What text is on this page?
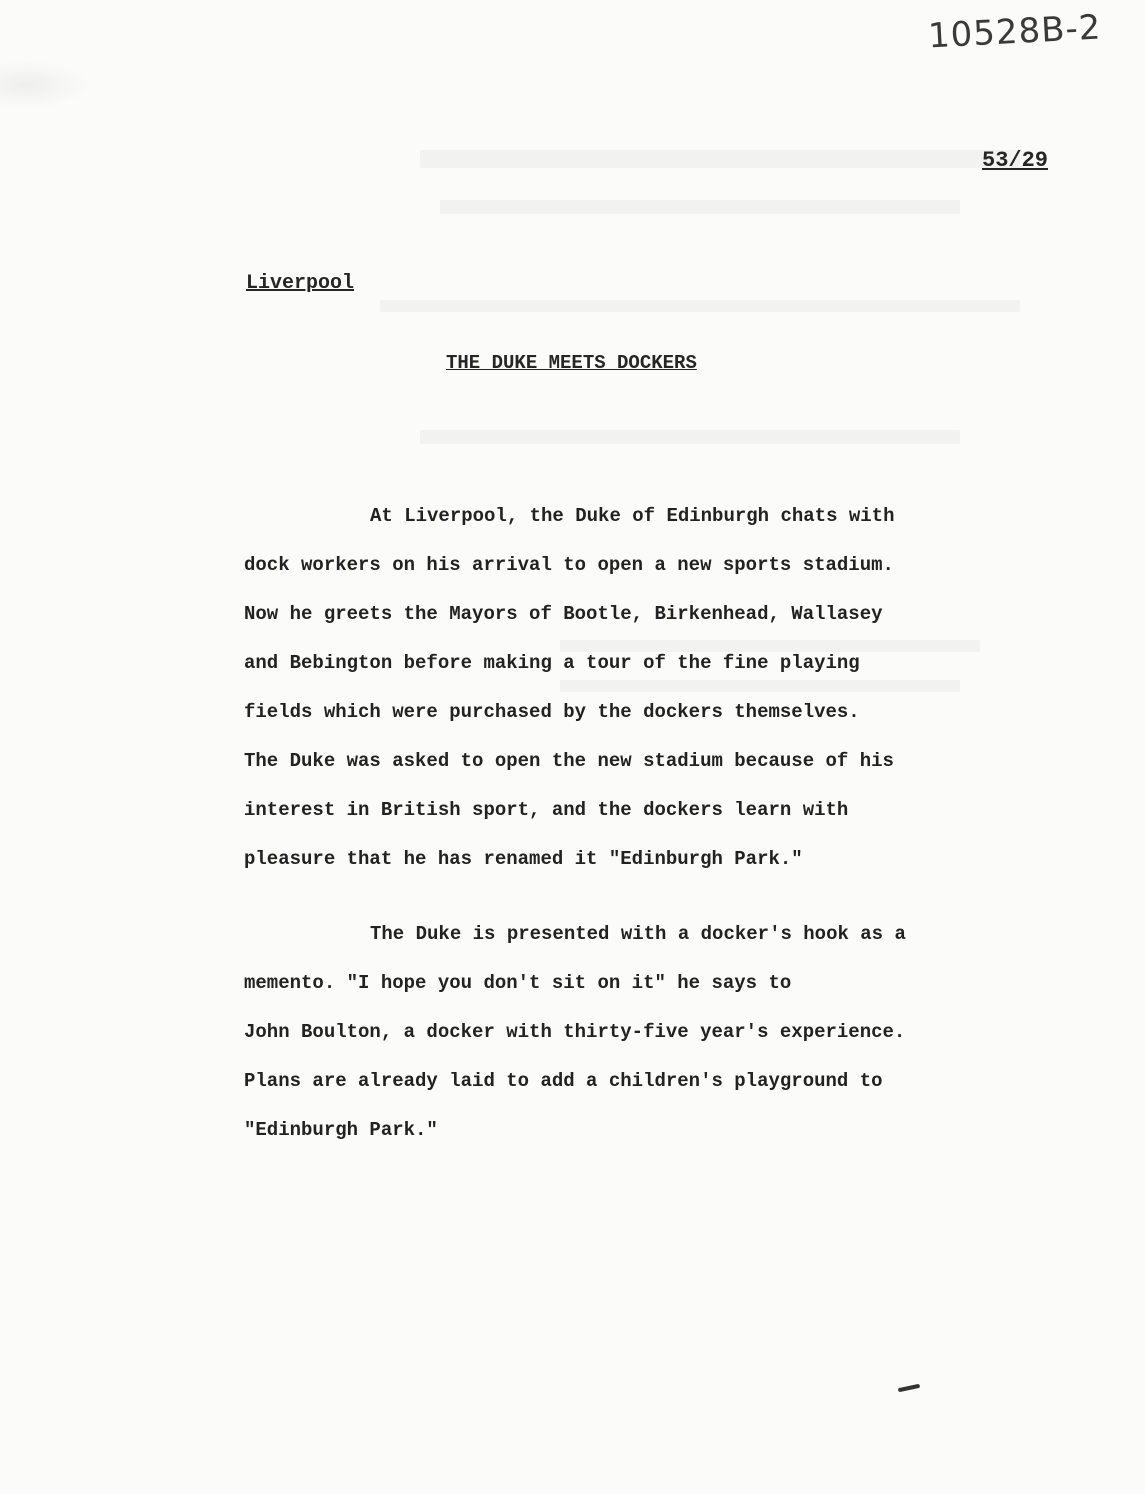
10528B-2
53/29
Liverpool
THE DUKE MEETS DOCKERS
At Liverpool, the Duke of Edinburgh chats with
dock workers on his arrival to open a new sports stadium.
Now he greets the Mayors of Bootle, Birkenhead, Wallasey
and Bebington before making a tour of the fine playing
fields which were purchased by the dockers themselves.
The Duke was asked to open the new stadium because of his
interest in British sport, and the dockers learn with
pleasure that he has renamed it "Edinburgh Park."
The Duke is presented with a docker's hook as a
memento. "I hope you don't sit on it" he says to
John Boulton, a docker with thirty-five year's experience.
Plans are already laid to add a children's playground to
"Edinburgh Park."
